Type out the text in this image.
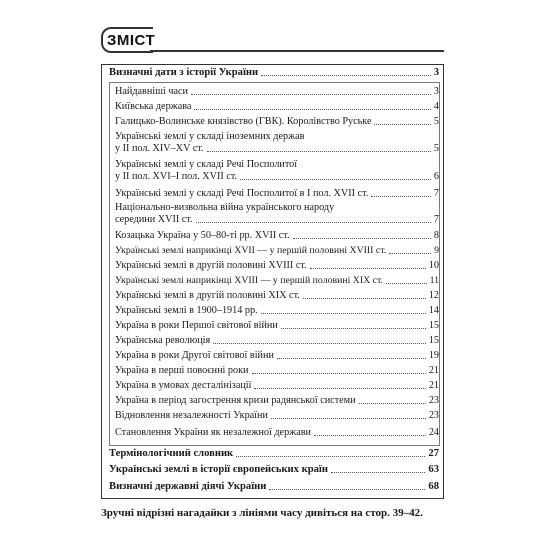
ЗМІСТ
Визначні дати з історії України	3
Найдавніші часи	3
Київська держава	4
Галицько-Волинське князівство (ГВК). Королівство Руське	5
Українські землі у складі іноземних держав
у II пол. XIV–XV ст.	5
Українські землі у складі Речі Посполитої
у II пол. XVI–I пол. XVII ст.	6
Українські землі у складі Речі Посполитої в I пол. XVII ст.	7
Національно-визвольна війна українського народу
середини XVII ст.	7
Козацька Україна у 50–80-ті рр. XVII ст.	8
Українські землі наприкінці XVII — у першій половині XVIII ст.	9
Українські землі в другій половині XVIII ст.	10
Українські землі наприкінці XVIII — у першій половині XIX ст.	11
Українські землі в другій половині XIX ст.	12
Українські землі в 1900–1914 рр.	14
Україна в роки Першої світової війни	15
Українська революція	15
Україна в роки Другої світової війни	19
Україна в перші повоєнні роки	21
Україна в умовах десталінізації	21
Україна в період загострення кризи радянської системи	23
Відновлення незалежності України	23
Становлення України як незалежної держави	24
Термінологічний словник	27
Українські землі в історії європейських країн	63
Визначні державні діячі України	68
Зручні відрізні нагадайки з лініями часу дивіться на стор. 39–42.
